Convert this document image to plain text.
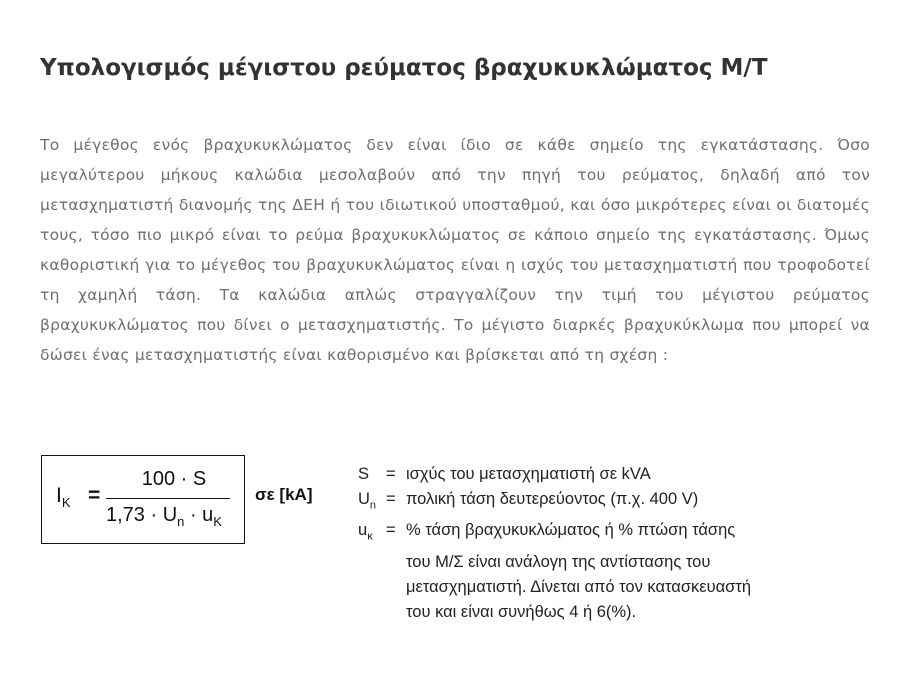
Υπολογισμός μέγιστου ρεύματος βραχυκυκλώματος Μ/Τ

Το μέγεθος ενός βραχυκυκλώματος δεν είναι ίδιο σε κάθε σημείο της εγκατάστασης. Όσο μεγαλύτερου μήκους καλώδια μεσολαβούν από την πηγή του ρεύματος, δηλαδή από τον μετασχηματιστή διανομής της ΔΕΗ ή του ιδιωτικού υποσταθμού, και όσο μικρότερες είναι οι διατομές τους, τόσο πιο μικρό είναι το ρεύμα βραχυκυκλώματος σε κάποιο σημείο της εγκατάστασης. Όμως καθοριστική για το μέγεθος του βραχυκυκλώματος είναι η ισχύς του μετασχηματιστή που τροφοδοτεί τη χαμηλή τάση. Τα καλώδια απλώς στραγγαλίζουν την τιμή του μέγιστου ρεύματος βραχυκυκλώματος που δίνει ο μετασχηματιστής. Το μέγιστο διαρκές βραχυκύκλωμα που μπορεί να δώσει ένας μετασχηματιστής είναι καθορισμένο και βρίσκεται από τη σχέση :

$I_K$ =
100 · S
$1,73 \cdot U_n \cdot u_K$
σε [kA]
S	= ισχύς του μετασχηματιστή σε kVA
$U_n = \pi o\lambda\iota\kappa ή$ τάση δευτερεύοντος (π.χ. 400 V)
$u_\kappa$ = % τάση βραχυκυκλώματος ή % πτώση τάσης
του Μ/Σ είναι ανάλογη της αντίστασης του
μετασχηματιστή. Δίνεται από τον κατασκευαστή
του και είναι συνήθως 4 ή 6(%).
